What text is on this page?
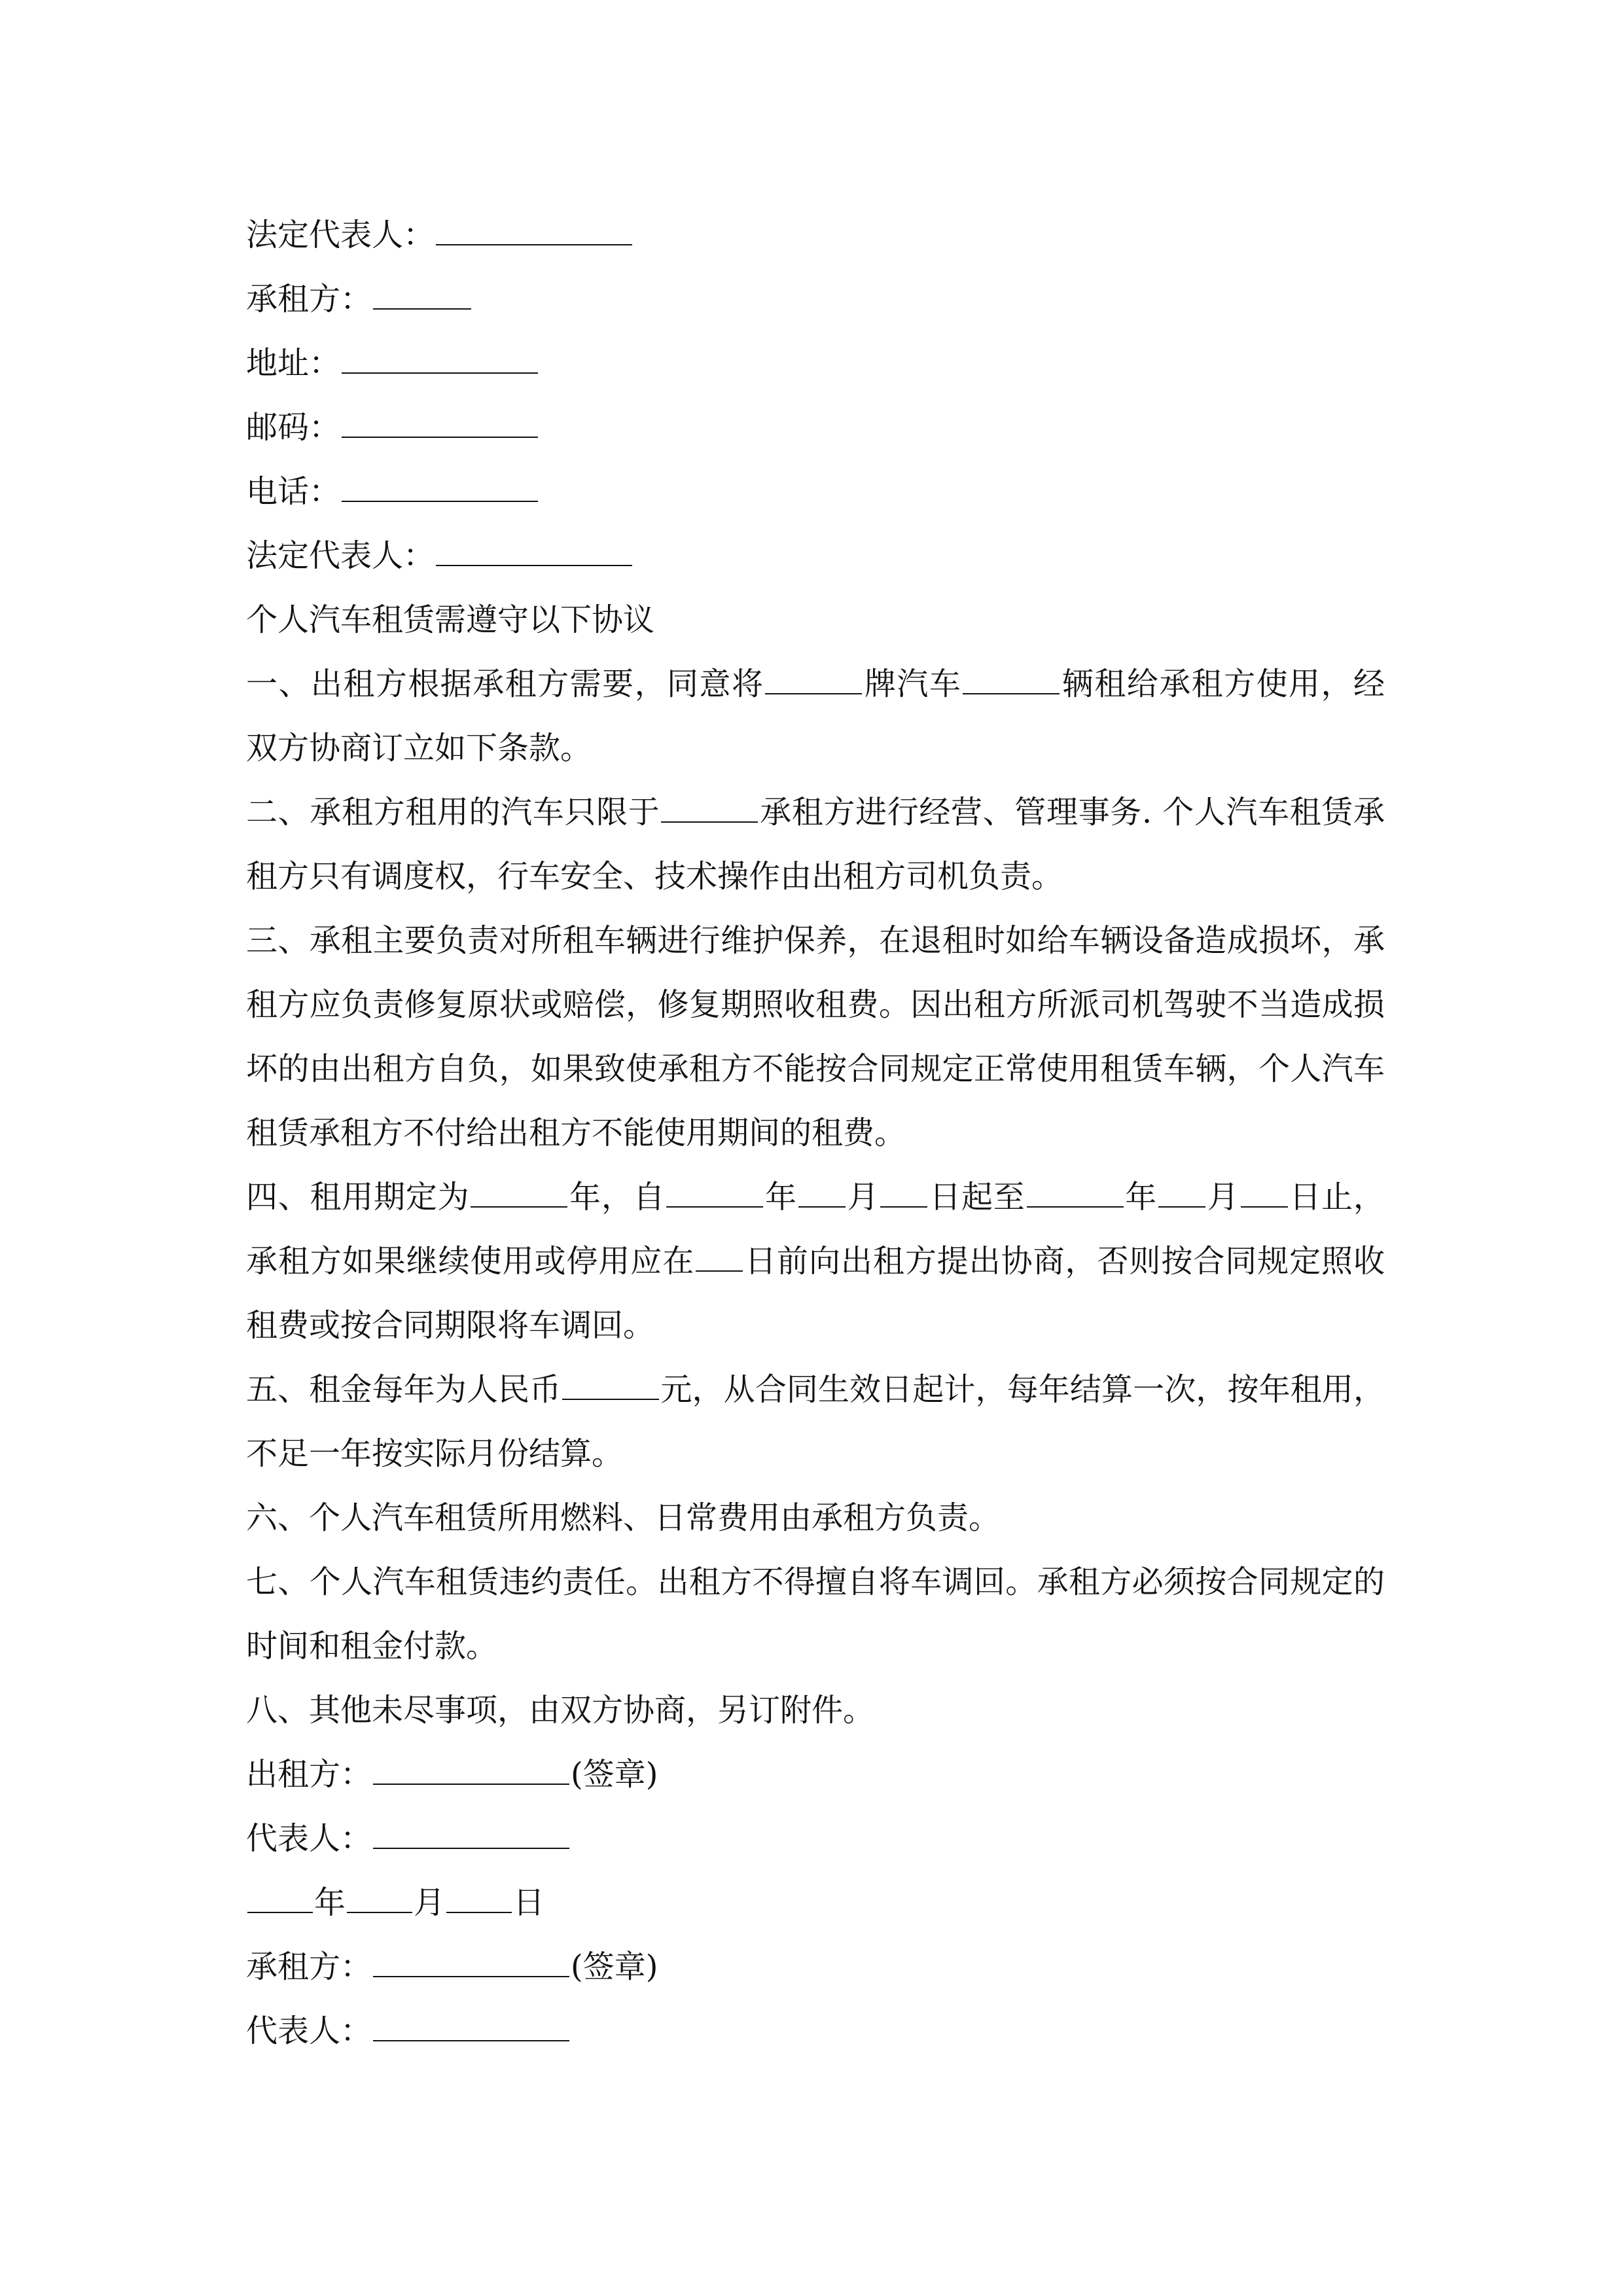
法定代表人：
承租方：
地址：
邮码：
电话：
法定代表人：
个人汽车租赁需遵守以下协议
一、出租方根据承租方需要，同意将	牌汽车	辆租给承租方使用，经双方协商订立如下条款。
二、承租方租用的汽车只限于	承租方进行经营、管理事务. 个人汽车租赁承租方只有调度权，行车安全、技术操作由出租方司机负责。
三、承租主要负责对所租车辆进行维护保养，在退租时如给车辆设备造成损坏，承租方应负责修复原状或赔偿，修复期照收租费。因出租方所派司机驾驶不当造成损坏的由出租方自负，如果致使承租方不能按合同规定正常使用租赁车辆，个人汽车租赁承租方不付给出租方不能使用期间的租费。
四、租用期定为	年，自	年 月 日起至	年 月 日止，承租方如果继续使用或停用应在 日前向出租方提出协商，否则按合同规定照收租费或按合同期限将车调回。
五、租金每年为人民币	元，从合同生效日起计，每年结算一次，按年租用，不足一年按实际月份结算。
六、个人汽车租赁所用燃料、日常费用由承租方负责。
七、个人汽车租赁违约责任。出租方不得擅自将车调回。承租方必须按合同规定的时间和租金付款。
八、其他未尽事项，由双方协商，另订附件。
出租方：	(签章)
代表人：
年 月 日
承租方：	(签章)
代表人：
